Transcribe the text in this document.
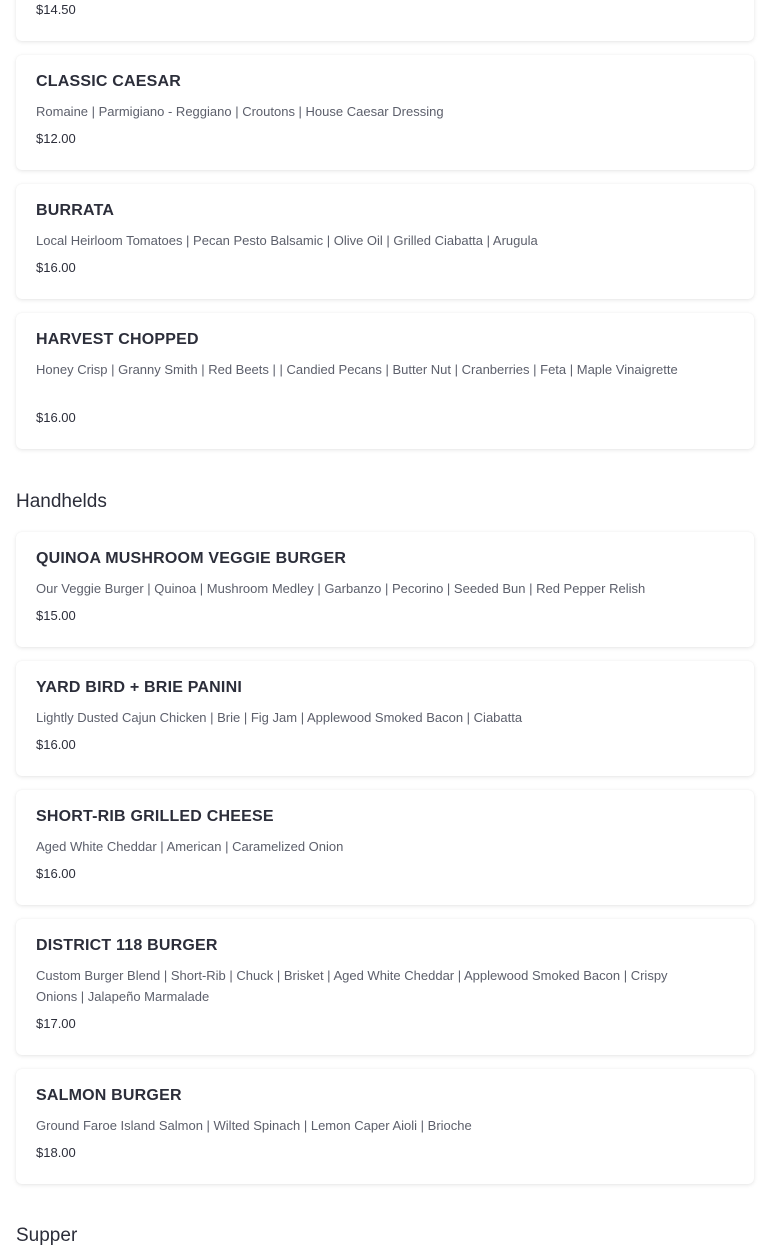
$14.50
CLASSIC CAESAR
Romaine | Parmigiano - Reggiano | Croutons | House Caesar Dressing
$12.00
BURRATA
Local Heirloom Tomatoes | Pecan Pesto Balsamic | Olive Oil | Grilled Ciabatta | Arugula
$16.00
HARVEST CHOPPED
Honey Crisp | Granny Smith | Red Beets | | Candied Pecans | Butter Nut | Cranberries | Feta | Maple Vinaigrette
$16.00
Handhelds
QUINOA MUSHROOM VEGGIE BURGER
Our Veggie Burger | Quinoa | Mushroom Medley | Garbanzo | Pecorino | Seeded Bun | Red Pepper Relish
$15.00
YARD BIRD + BRIE PANINI
Lightly Dusted Cajun Chicken | Brie | Fig Jam | Applewood Smoked Bacon | Ciabatta
$16.00
SHORT-RIB GRILLED CHEESE
Aged White Cheddar | American | Caramelized Onion
$16.00
DISTRICT 118 BURGER
Custom Burger Blend | Short-Rib | Chuck | Brisket | Aged White Cheddar | Applewood Smoked Bacon | Crispy Onions | Jalapeño Marmalade
$17.00
SALMON BURGER
Ground Faroe Island Salmon | Wilted Spinach | Lemon Caper Aioli | Brioche
$18.00
Supper
